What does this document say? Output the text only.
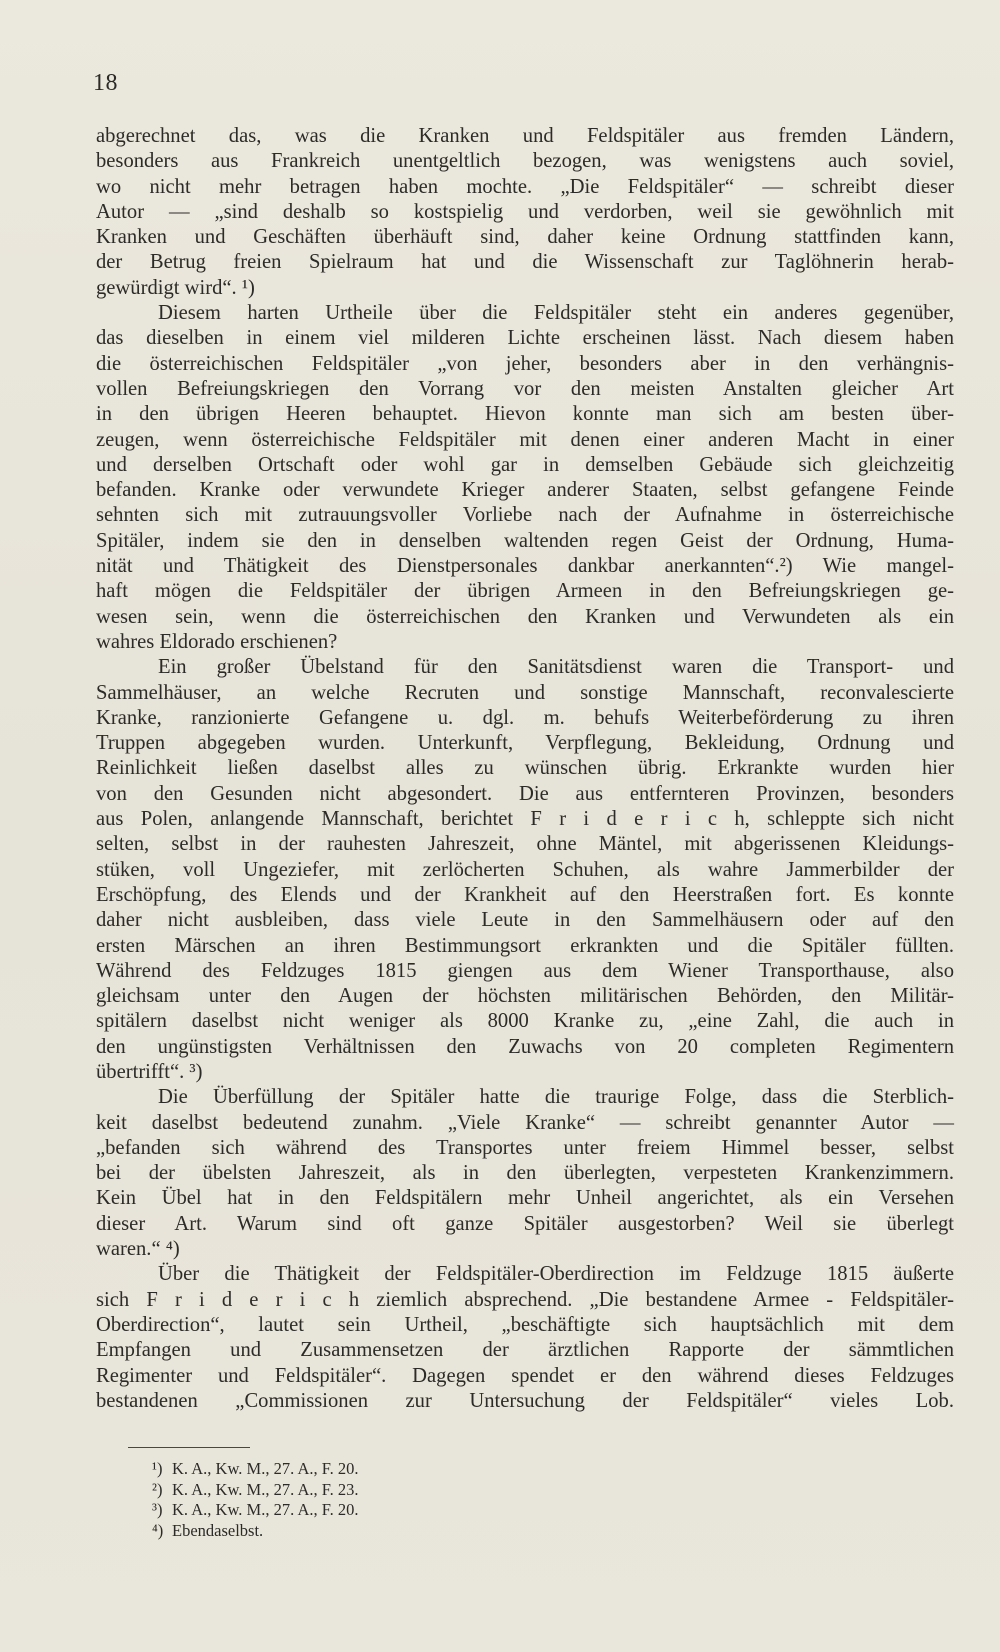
18
abgerechnet das, was die Kranken und Feldspitäler aus fremden Ländern,
besonders aus Frankreich unentgeltlich bezogen, was wenigstens auch soviel,
wo nicht mehr betragen haben mochte. „Die Feldspitäler“ — schreibt dieser
Autor — „sind deshalb so kostspielig und verdorben, weil sie gewöhnlich mit
Kranken und Geschäften überhäuft sind, daher keine Ordnung stattfinden kann,
der Betrug freien Spielraum hat und die Wissenschaft zur Taglöhnerin herab-
gewürdigt wird“. ¹)
Diesem harten Urtheile über die Feldspitäler steht ein anderes gegenüber,
das dieselben in einem viel milderen Lichte erscheinen lässt. Nach diesem haben
die österreichischen Feldspitäler „von jeher, besonders aber in den verhängnis-
vollen Befreiungskriegen den Vorrang vor den meisten Anstalten gleicher Art
in den übrigen Heeren behauptet. Hievon konnte man sich am besten über-
zeugen, wenn österreichische Feldspitäler mit denen einer anderen Macht in einer
und derselben Ortschaft oder wohl gar in demselben Gebäude sich gleichzeitig
befanden. Kranke oder verwundete Krieger anderer Staaten, selbst gefangene Feinde
sehnten sich mit zutrauungsvoller Vorliebe nach der Aufnahme in österreichische
Spitäler, indem sie den in denselben waltenden regen Geist der Ordnung, Huma-
nität und Thätigkeit des Dienstpersonales dankbar anerkannten“.²) Wie mangel-
haft mögen die Feldspitäler der übrigen Armeen in den Befreiungskriegen ge-
wesen sein, wenn die österreichischen den Kranken und Verwundeten als ein
wahres Eldorado erschienen?
Ein großer Übelstand für den Sanitätsdienst waren die Transport- und
Sammelhäuser, an welche Recruten und sonstige Mannschaft, reconvalescierte
Kranke, ranzionierte Gefangene u. dgl. m. behufs Weiterbeförderung zu ihren
Truppen abgegeben wurden. Unterkunft, Verpflegung, Bekleidung, Ordnung und
Reinlichkeit ließen daselbst alles zu wünschen übrig. Erkrankte wurden hier
von den Gesunden nicht abgesondert. Die aus entfernteren Provinzen, besonders
aus Polen, anlangende Mannschaft, berichtet F r i d e r i c h, schleppte sich nicht
selten, selbst in der rauhesten Jahreszeit, ohne Mäntel, mit abgerissenen Kleidungs-
stüken, voll Ungeziefer, mit zerlöcherten Schuhen, als wahre Jammerbilder der
Erschöpfung, des Elends und der Krankheit auf den Heerstraßen fort. Es konnte
daher nicht ausbleiben, dass viele Leute in den Sammelhäusern oder auf den
ersten Märschen an ihren Bestimmungsort erkrankten und die Spitäler füllten.
Während des Feldzuges 1815 giengen aus dem Wiener Transporthause, also
gleichsam unter den Augen der höchsten militärischen Behörden, den Militär-
spitälern daselbst nicht weniger als 8000 Kranke zu, „eine Zahl, die auch in
den ungünstigsten Verhältnissen den Zuwachs von 20 completen Regimentern
übertrifft“. ³)
Die Überfüllung der Spitäler hatte die traurige Folge, dass die Sterblich-
keit daselbst bedeutend zunahm. „Viele Kranke“ — schreibt genannter Autor —
„befanden sich während des Transportes unter freiem Himmel besser, selbst
bei der übelsten Jahreszeit, als in den überlegten, verpesteten Krankenzimmern.
Kein Übel hat in den Feldspitälern mehr Unheil angerichtet, als ein Versehen
dieser Art. Warum sind oft ganze Spitäler ausgestorben? Weil sie überlegt
waren.“ ⁴)
Über die Thätigkeit der Feldspitäler-Oberdirection im Feldzuge 1815 äußerte
sich F r i d e r i c h ziemlich absprechend. „Die bestandene Armee - Feldspitäler-
Oberdirection“, lautet sein Urtheil, „beschäftigte sich hauptsächlich mit dem
Empfangen und Zusammensetzen der ärztlichen Rapporte der sämmtlichen
Regimenter und Feldspitäler“. Dagegen spendet er den während dieses Feldzuges
bestandenen „Commissionen zur Untersuchung der Feldspitäler“ vieles Lob.
¹) K. A., Kw. M., 27. A., F. 20.
²) K. A., Kw. M., 27. A., F. 23.
³) K. A., Kw. M., 27. A., F. 20.
⁴) Ebendaselbst.
